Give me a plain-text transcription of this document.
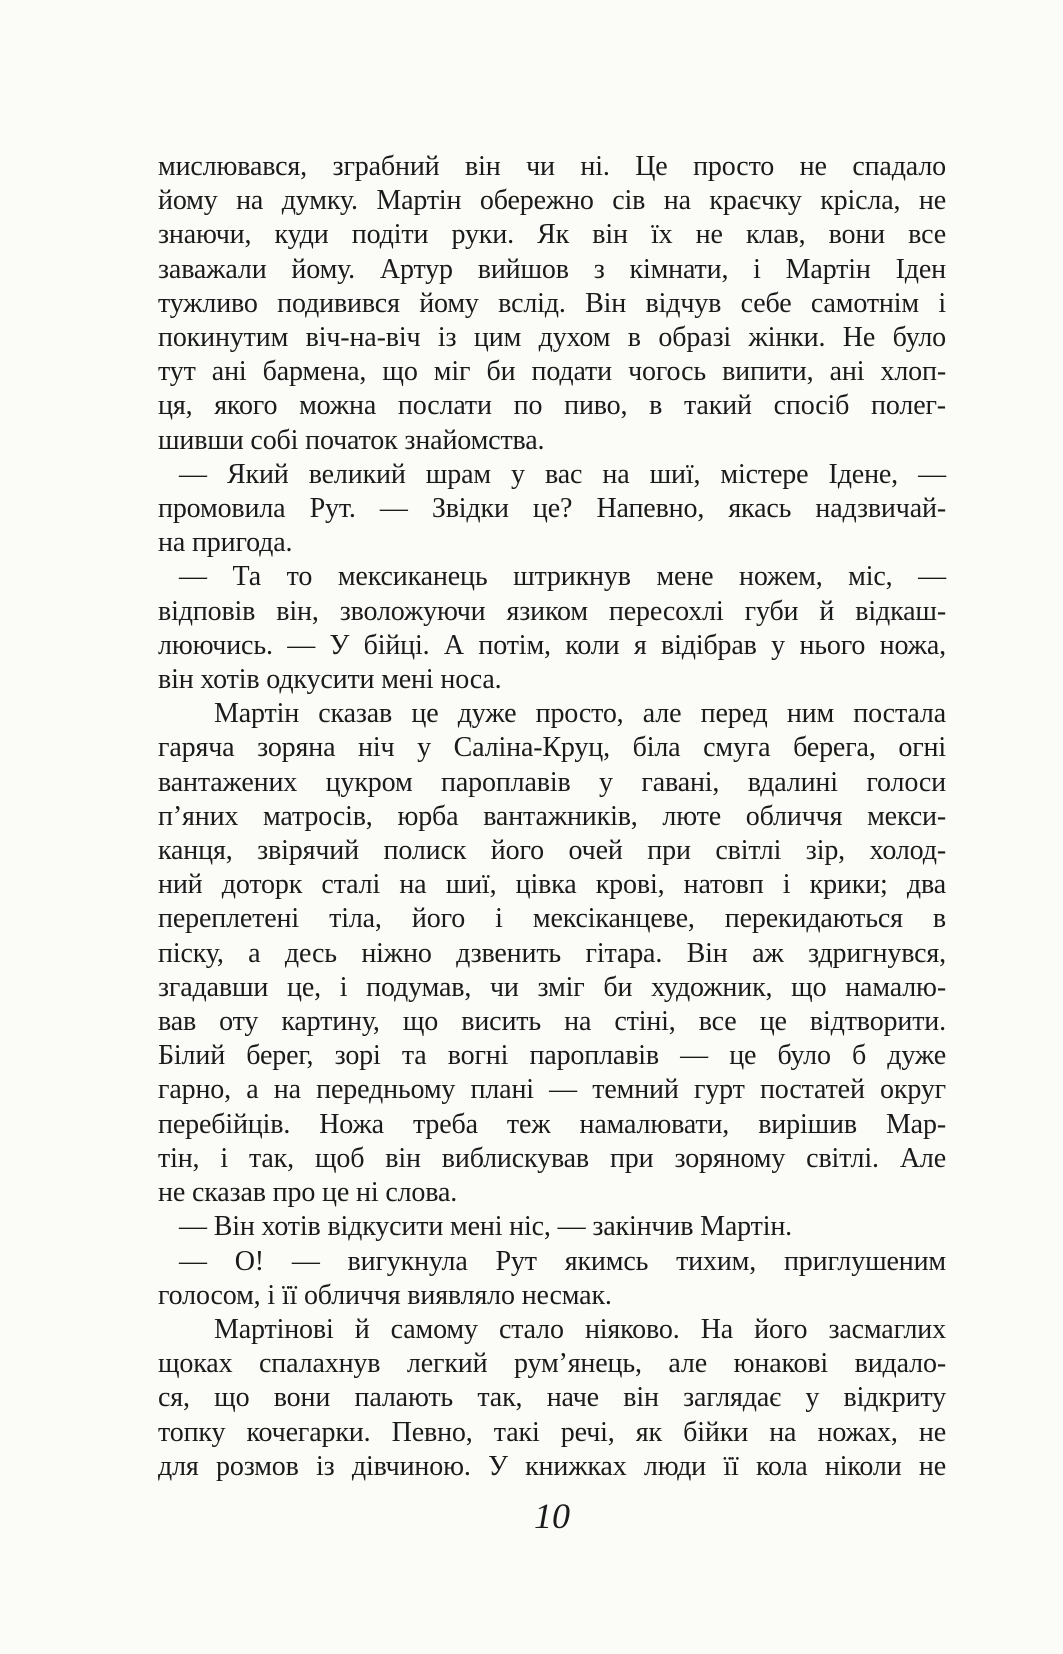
мислювався, зграбний він чи ні. Це просто не спадало
йому на думку. Мартін обережно сів на краєчку крісла, не
знаючи, куди подіти руки. Як він їх не клав, вони все
заважали йому. Артур вийшов з кімнати, і Мартін Іден
тужливо подивився йому вслід. Він відчув себе самотнім і
покинутим віч-на-віч із цим духом в образі жінки. Не було
тут ані бармена, що міг би подати чогось випити, ані хлоп-
ця, якого можна послати по пиво, в такий спосіб полег-
шивши собі початок знайомства.
— Який великий шрам у вас на шиї, містере Ідене, —
промовила Рут. — Звідки це? Напевно, якась надзвичай-
на пригода.
— Та то мексиканець штрикнув мене ножем, міс, —
відповів він, зволожуючи язиком пересохлі губи й відкаш-
люючись. — У бійці. А потім, коли я відібрав у нього ножа,
він хотів одкусити мені носа.
Мартін сказав це дуже просто, але перед ним постала
гаряча зоряна ніч у Саліна-Круц, біла смуга берега, огні
вантажених цукром пароплавів у гавані, вдалині голоси
п’яних матросів, юрба вантажників, люте обличчя мекси-
канця, звірячий полиск його очей при світлі зір, холод-
ний доторк сталі на шиї, цівка крові, натовп і крики; два
переплетені тіла, його і мексіканцеве, перекидаються в
піску, а десь ніжно дзвенить гітара. Він аж здригнувся,
згадавши це, і подумав, чи зміг би художник, що намалю-
вав оту картину, що висить на стіні, все це відтворити.
Білий берег, зорі та вогні пароплавів — це було б дуже
гарно, а на передньому плані — темний гурт постатей округ
перебійців. Ножа треба теж намалювати, вирішив Мар-
тін, і так, щоб він виблискував при зоряному світлі. Але
не сказав про це ні слова.
— Він хотів відкусити мені ніс, — закінчив Мартін.
— О! — вигукнула Рут якимсь тихим, приглушеним
голосом, і її обличчя виявляло несмак.
Мартінові й самому стало ніяково. На його засмаглих
щоках спалахнув легкий рум’янець, але юнакові видало-
ся, що вони палають так, наче він заглядає у відкриту
топку кочегарки. Певно, такі речі, як бійки на ножах, не
для розмов із дівчиною. У книжках люди її кола ніколи не
10
